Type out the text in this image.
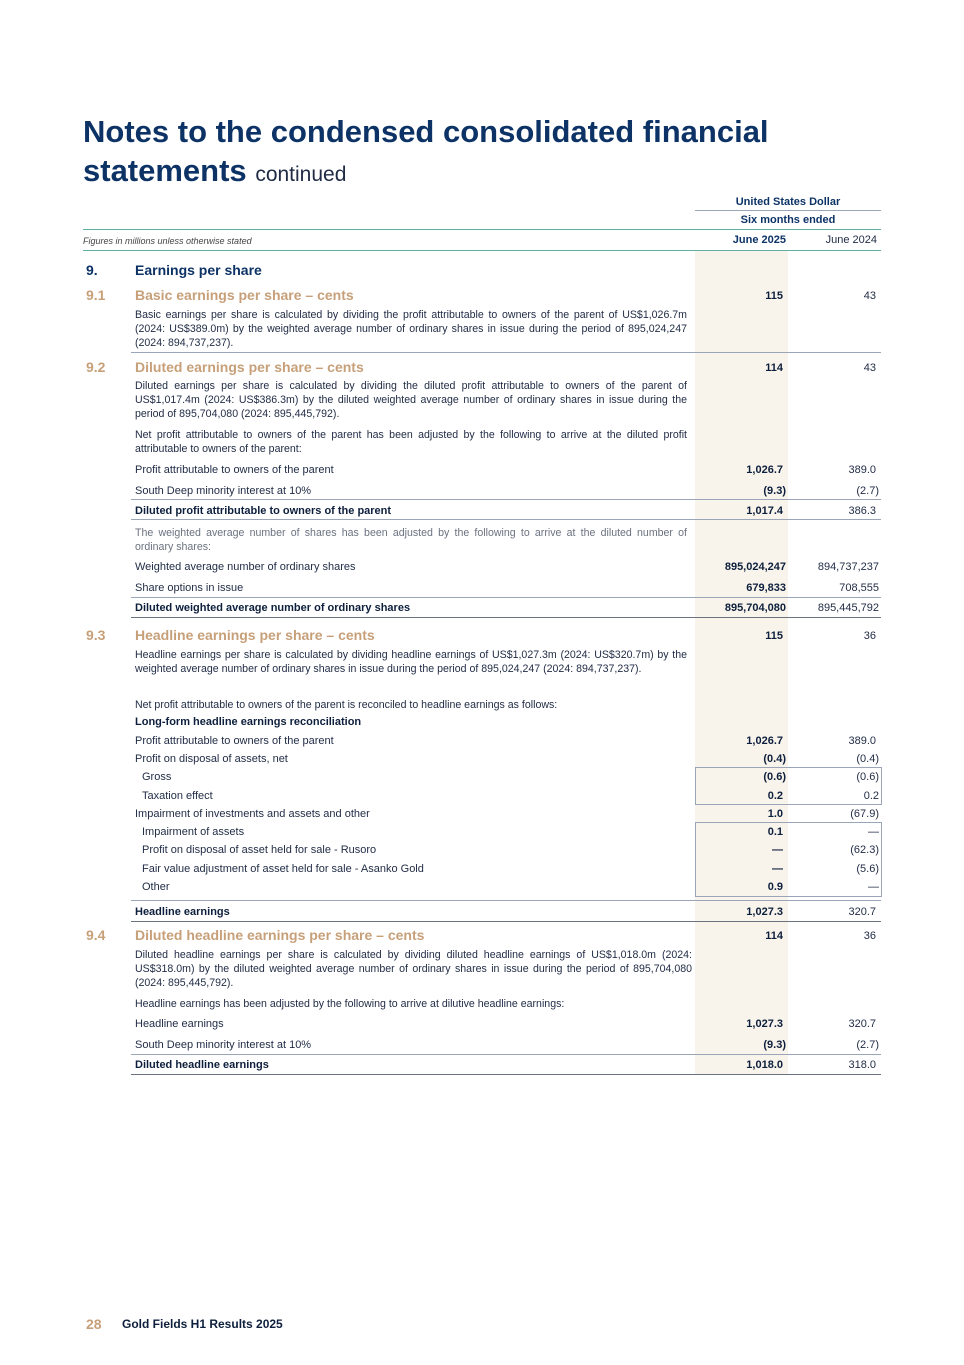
Notes to the condensed consolidated financial statements continued
United States Dollar
Six months ended
Figures in millions unless otherwise stated	June 2025	June 2024
9.	Earnings per share
9.1 Basic earnings per share – cents	115	43

Basic earnings per share is calculated by dividing the profit attributable to owners of the parent of US$1,026.7m (2024: US$389.0m) by the weighted average number of ordinary shares in issue during the period of 895,024,247 (2024: 894,737,237).

9.2 Diluted earnings per share – cents	114	43

Diluted earnings per share is calculated by dividing the diluted profit attributable to owners of the parent of US$1,017.4m (2024: US$386.3m) by the diluted weighted average number of ordinary shares in issue during the period of 895,704,080 (2024: 895,445,792).

Net profit attributable to owners of the parent has been adjusted by the following to arrive at the diluted profit attributable to owners of the parent:

Profit attributable to owners of the parent	1,026.7	389.0
South Deep minority interest at 10%	(9.3)	(2.7)
Diluted profit attributable to owners of the parent	1,017.4	386.3

The weighted average number of shares has been adjusted by the following to arrive at the diluted number of ordinary shares:

Weighted average number of ordinary shares	895,024,247	894,737,237
Share options in issue	679,833	708,555
Diluted weighted average number of ordinary shares	895,704,080	895,445,792
9.3 Headline earnings per share – cents	115	36

Headline earnings per share is calculated by dividing headline earnings of US$1,027.3m (2024: US$320.7m) by the weighted average number of ordinary shares in issue during the period of 895,024,247 (2024: 894,737,237).

Net profit attributable to owners of the parent is reconciled to headline earnings as follows:

Long-form headline earnings reconciliation
Profit attributable to owners of the parent	1,026.7	389.0
Profit on disposal of assets, net	(0.4)	(0.4)
Gross	(0.6)	(0.6)
Taxation effect	0.2	0.2
Impairment of investments and assets and other	1.0	(67.9)
Impairment of assets	0.1	—
Profit on disposal of asset held for sale - Rusoro	—	(62.3)
Fair value adjustment of asset held for sale - Asanko Gold	—	(5.6)
Other	0.9	—
Headline earnings	1,027.3	320.7
9.4 Diluted headline earnings per share – cents	114	36

Diluted headline earnings per share is calculated by dividing diluted headline earnings of US$1,018.0m (2024: US$318.0m) by the diluted weighted average number of ordinary shares in issue during the period of 895,704,080 (2024: 895,445,792).

Headline earnings has been adjusted by the following to arrive at dilutive headline earnings:

Headline earnings	1,027.3	320.7
South Deep minority interest at 10%	(9.3)	(2.7)
Diluted headline earnings	1,018.0	318.0
28 Gold Fields H1 Results 2025
